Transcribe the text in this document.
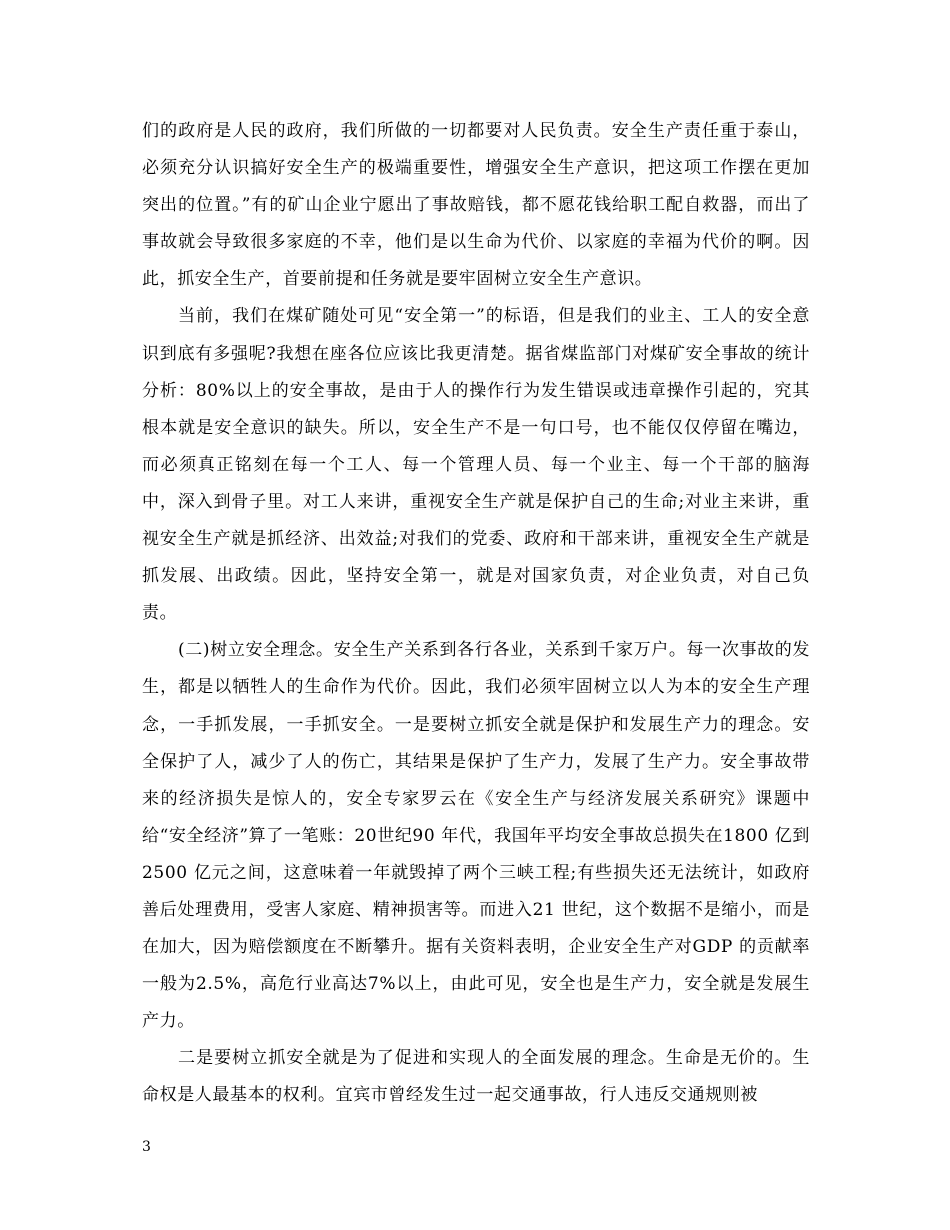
们的政府是人民的政府，我们所做的一切都要对人民负责。安全生产责任重于泰山，必须充分认识搞好安全生产的极端重要性，增强安全生产意识，把这项工作摆在更加突出的位置。”有的矿山企业宁愿出了事故赔钱，都不愿花钱给职工配自救器，而出了事故就会导致很多家庭的不幸，他们是以生命为代价、以家庭的幸福为代价的啊。因此，抓安全生产，首要前提和任务就是要牢固树立安全生产意识。

当前，我们在煤矿随处可见“安全第一”的标语，但是我们的业主、工人的安全意识到底有多强呢?我想在座各位应该比我更清楚。据省煤监部门对煤矿安全事故的统计分析：80%以上的安全事故，是由于人的操作行为发生错误或违章操作引起的，究其根本就是安全意识的缺失。所以，安全生产不是一句口号，也不能仅仅停留在嘴边，而必须真正铭刻在每一个工人、每一个管理人员、每一个业主、每一个干部的脑海中，深入到骨子里。对工人来讲，重视安全生产就是保护自己的生命;对业主来讲，重视安全生产就是抓经济、出效益;对我们的党委、政府和干部来讲，重视安全生产就是抓发展、出政绩。因此，坚持安全第一，就是对国家负责，对企业负责，对自己负责。

(二)树立安全理念。安全生产关系到各行各业，关系到千家万户。每一次事故的发生，都是以牺牲人的生命作为代价。因此，我们必须牢固树立以人为本的安全生产理念，一手抓发展，一手抓安全。一是要树立抓安全就是保护和发展生产力的理念。安全保护了人，减少了人的伤亡，其结果是保护了生产力，发展了生产力。安全事故带来的经济损失是惊人的，安全专家罗云在《安全生产与经济发展关系研究》课题中给“安全经济”算了一笔账：20世纪90 年代，我国年平均安全事故总损失在1800 亿到2500 亿元之间，这意味着一年就毁掉了两个三峡工程;有些损失还无法统计，如政府善后处理费用，受害人家庭、精神损害等。而进入21 世纪，这个数据不是缩小，而是在加大，因为赔偿额度在不断攀升。据有关资料表明，企业安全生产对GDP 的贡献率一般为2.5%，高危行业高达7%以上，由此可见，安全也是生产力，安全就是发展生产力。

二是要树立抓安全就是为了促进和实现人的全面发展的理念。生命是无价的。生命权是人最基本的权利。宜宾市曾经发生过一起交通事故，行人违反交通规则被

3
